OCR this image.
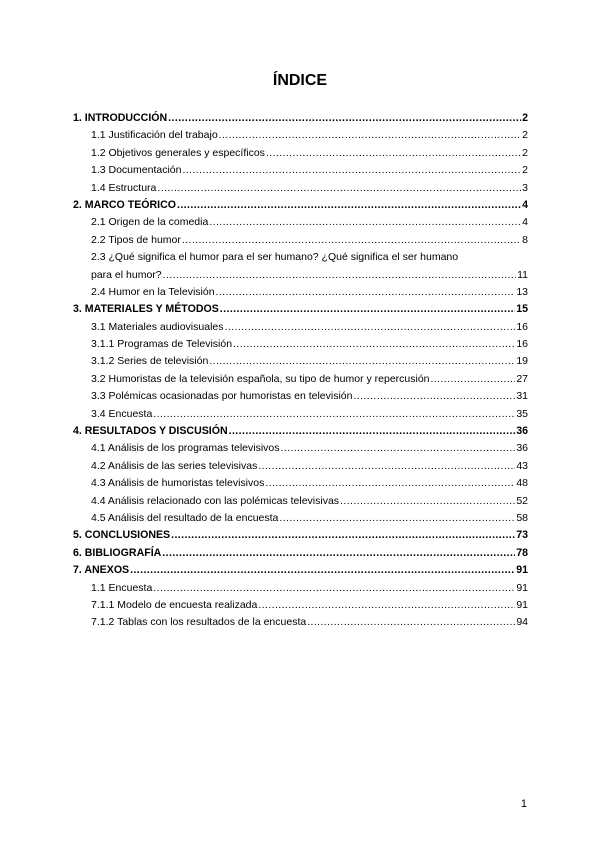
ÍNDICE
1. INTRODUCCIÓN .....	2
1.1 Justificación del trabajo .....	2
1.2 Objetivos generales y específicos .....	2
1.3 Documentación .....	2
1.4 Estructura .....	3
2. MARCO TEÓRICO .....	4
2.1 Origen de la comedia .....	4
2.2 Tipos de humor .....	8
2.3 ¿Qué significa el humor para el ser humano? ¿Qué significa el ser humano
para el humor? .....	11
2.4 Humor en la Televisión .....	13
3. MATERIALES Y MÉTODOS .....	15
3.1 Materiales audiovisuales .....	16
3.1.1 Programas de Televisión .....	16
3.1.2 Series de televisión .....	19
3.2 Humoristas de la televisión española, su tipo de humor y repercusión .....	27
3.3 Polémicas ocasionadas por humoristas en televisión .....	31
3.4 Encuesta .....	35
4. RESULTADOS Y DISCUSIÓN .....	36
4.1 Análisis de los programas televisivos .....	36
4.2 Análisis de las series televisivas .....	43
4.3 Análisis de humoristas televisivos .....	48
4.4 Análisis relacionado con las polémicas televisivas .....	52
4.5 Análisis del resultado de la encuesta .....	58
5. CONCLUSIONES .....	73
6. BIBLIOGRAFÍA .....	78
7. ANEXOS .....	91
1.1 Encuesta .....	91
7.1.1 Modelo de encuesta realizada .....	91
7.1.2 Tablas con los resultados de la encuesta .....	94
1
